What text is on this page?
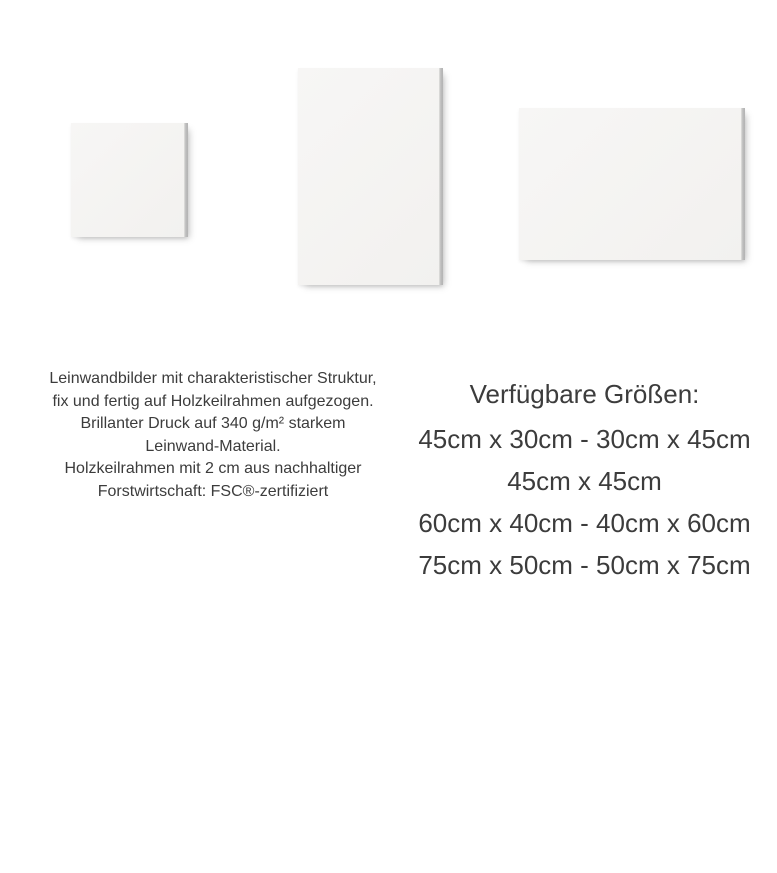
Leinwandbilder mit charakteristischer Struktur,
fix und fertig auf Holzkeilrahmen aufgezogen.
Brillanter Druck auf 340 g/m² starkem
Leinwand-Material.
Holzkeilrahmen mit 2 cm aus nachhaltiger
Forstwirtschaft: FSC®-zertifiziert
Verfügbare Größen:
45cm x 30cm - 30cm x 45cm
45cm x 45cm
60cm x 40cm - 40cm x 60cm
75cm x 50cm - 50cm x 75cm
